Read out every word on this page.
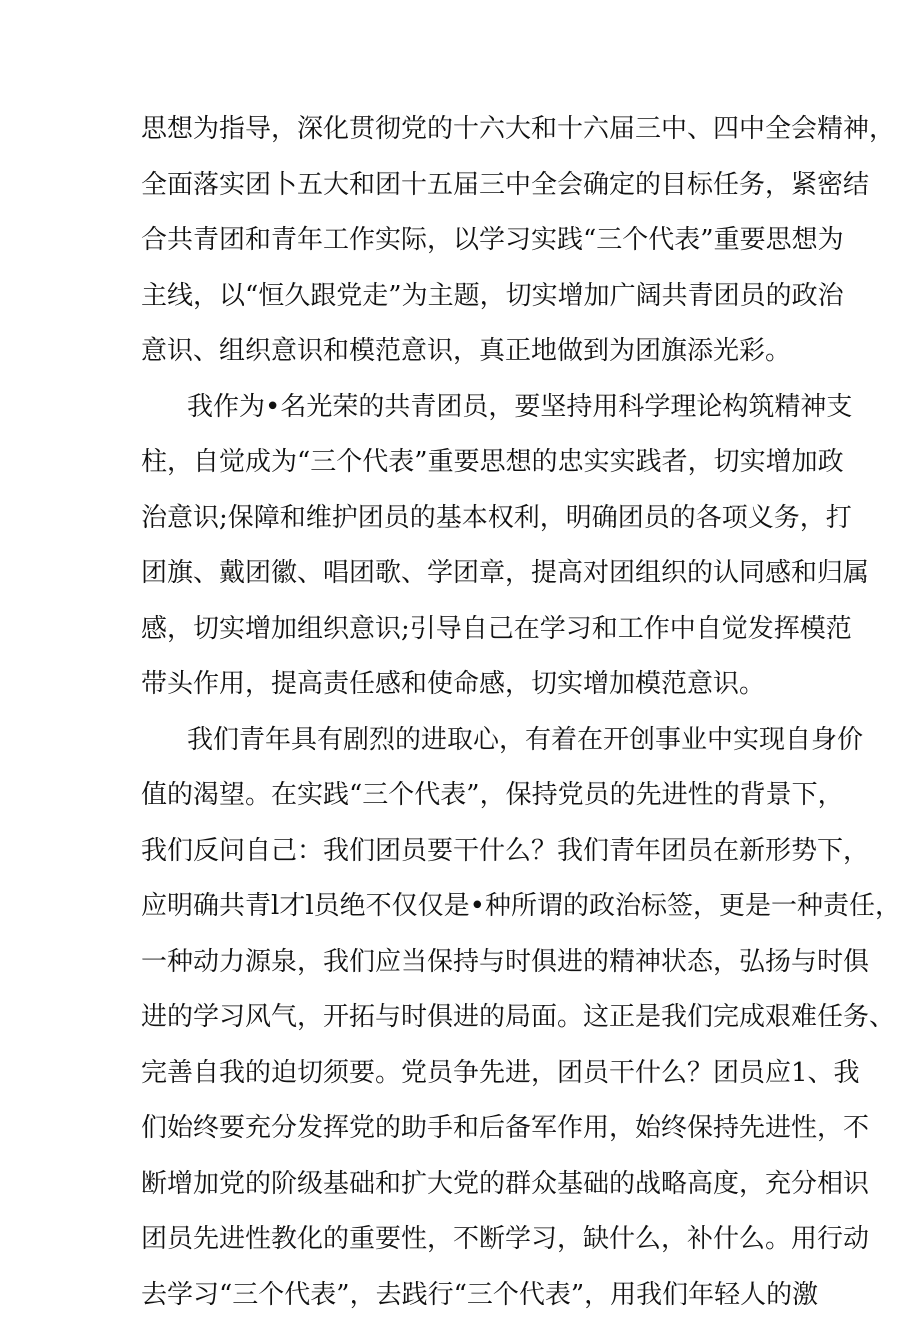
思想为指导，深化贯彻党的十六大和十六届三中、四中全会精神，
全面落实团卜五大和团十五届三中全会确定的目标任务，紧密结
合共青团和青年工作实际，以学习实践“三个代表”重要思想为
主线，以“恒久跟党走”为主题，切实增加广阔共青团员的政治
意识、组织意识和模范意识，真正地做到为团旗添光彩。
我作为•名光荣的共青团员，要坚持用科学理论构筑精神支
柱，自觉成为“三个代表”重要思想的忠实实践者，切实增加政
治意识;保障和维护团员的基本权利，明确团员的各项义务，打
团旗、戴团徽、唱团歌、学团章，提高对团组织的认同感和归属
感，切实增加组织意识;引导自己在学习和工作中自觉发挥模范
带头作用，提高责任感和使命感，切实增加模范意识。
我们青年具有剧烈的进取心，有着在开创事业中实现自身价
值的渴望。在实践“三个代表”，保持党员的先进性的背景下，
我们反问自己：我们团员要干什么？我们青年团员在新形势下，
应明确共青l才l员绝不仅仅是•种所谓的政治标签，更是一种责任，
一种动力源泉，我们应当保持与时俱进的精神状态，弘扬与时俱
进的学习风气，开拓与时俱进的局面。这正是我们完成艰难任务、
完善自我的迫切须要。党员争先进，团员干什么？团员应1、我
们始终要充分发挥党的助手和后备军作用，始终保持先进性，不
断增加党的阶级基础和扩大党的群众基础的战略高度，充分相识
团员先进性教化的重要性，不断学习，缺什么，补什么。用行动
去学习“三个代表”，去践行“三个代表”，用我们年轻人的激
